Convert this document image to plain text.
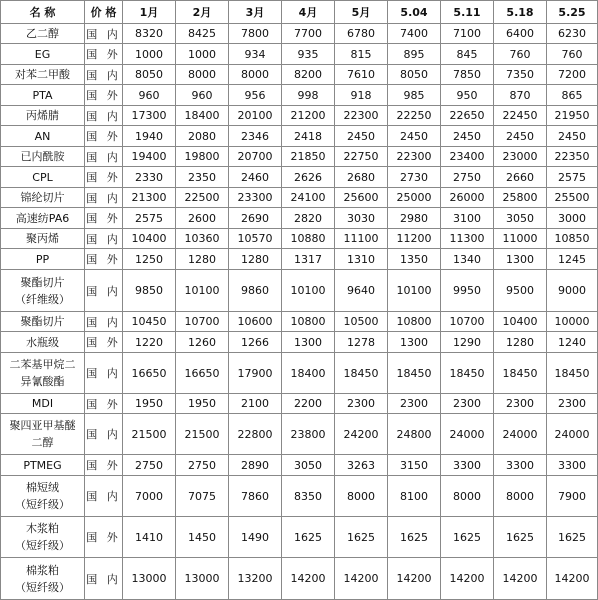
名 称	价 格	1月	2月	3月	4月	5月	5.04	5.11	5.18	5.25

乙二醇	国 内	8320	8425	7800	7700	6780	7400	7100	6400	6230

EG	国 外	1000	1000	934	935	815	895	845	760	760

对苯二甲酸	国 内	8050	8000	8000	8200	7610	8050	7850	7350	7200

PTA	国 外	960	960	956	998	918	985	950	870	865

丙烯腈	国 内	17300	18400	20100	21200	22300	22250	22650	22450	21950

AN	国 外	1940	2080	2346	2418	2450	2450	2450	2450	2450

已内酰胺	国 内	19400	19800	20700	21850	22750	22300	23400	23000	22350

CPL	国 外	2330	2350	2460	2626	2680	2730	2750	2660	2575

锦纶切片	国 内	21300	22500	23300	24100	25600	25000	26000	25800	25500

高速纺PA6	国 外	2575	2600	2690	2820	3030	2980	3100	3050	3000

聚丙烯	国 内	10400	10360	10570	10880	11100	11200	11300	11000	10850

PP	国 外	1250	1280	1280	1317	1310	1350	1340	1300	1245

聚酯切片
（纤维级）	国 内	9850	10100	9860	10100	9640	10100	9950	9500	9000

聚酯切片	国 内	10450	10700	10600	10800	10500	10800	10700	10400	10000

水瓶级	国 外	1220	1260	1266	1300	1278	1300	1290	1280	1240

二苯基甲烷二
异氰酸酯	国 内	16650	16650	17900	18400	18450	18450	18450	18450	18450

MDI	国 外	1950	1950	2100	2200	2300	2300	2300	2300	2300

聚四亚甲基醚
二醇	国 内	21500	21500	22800	23800	24200	24800	24000	24000	24000

PTMEG	国 外	2750	2750	2890	3050	3263	3150	3300	3300	3300

棉短绒
（短纤级）	国 内	7000	7075	7860	8350	8000	8100	8000	8000	7900

木浆粕
（短纤级）	国 外	1410	1450	1490	1625	1625	1625	1625	1625	1625

棉浆粕
（短纤级）	国 内	13000	13000	13200	14200	14200	14200	14200	14200	14200
